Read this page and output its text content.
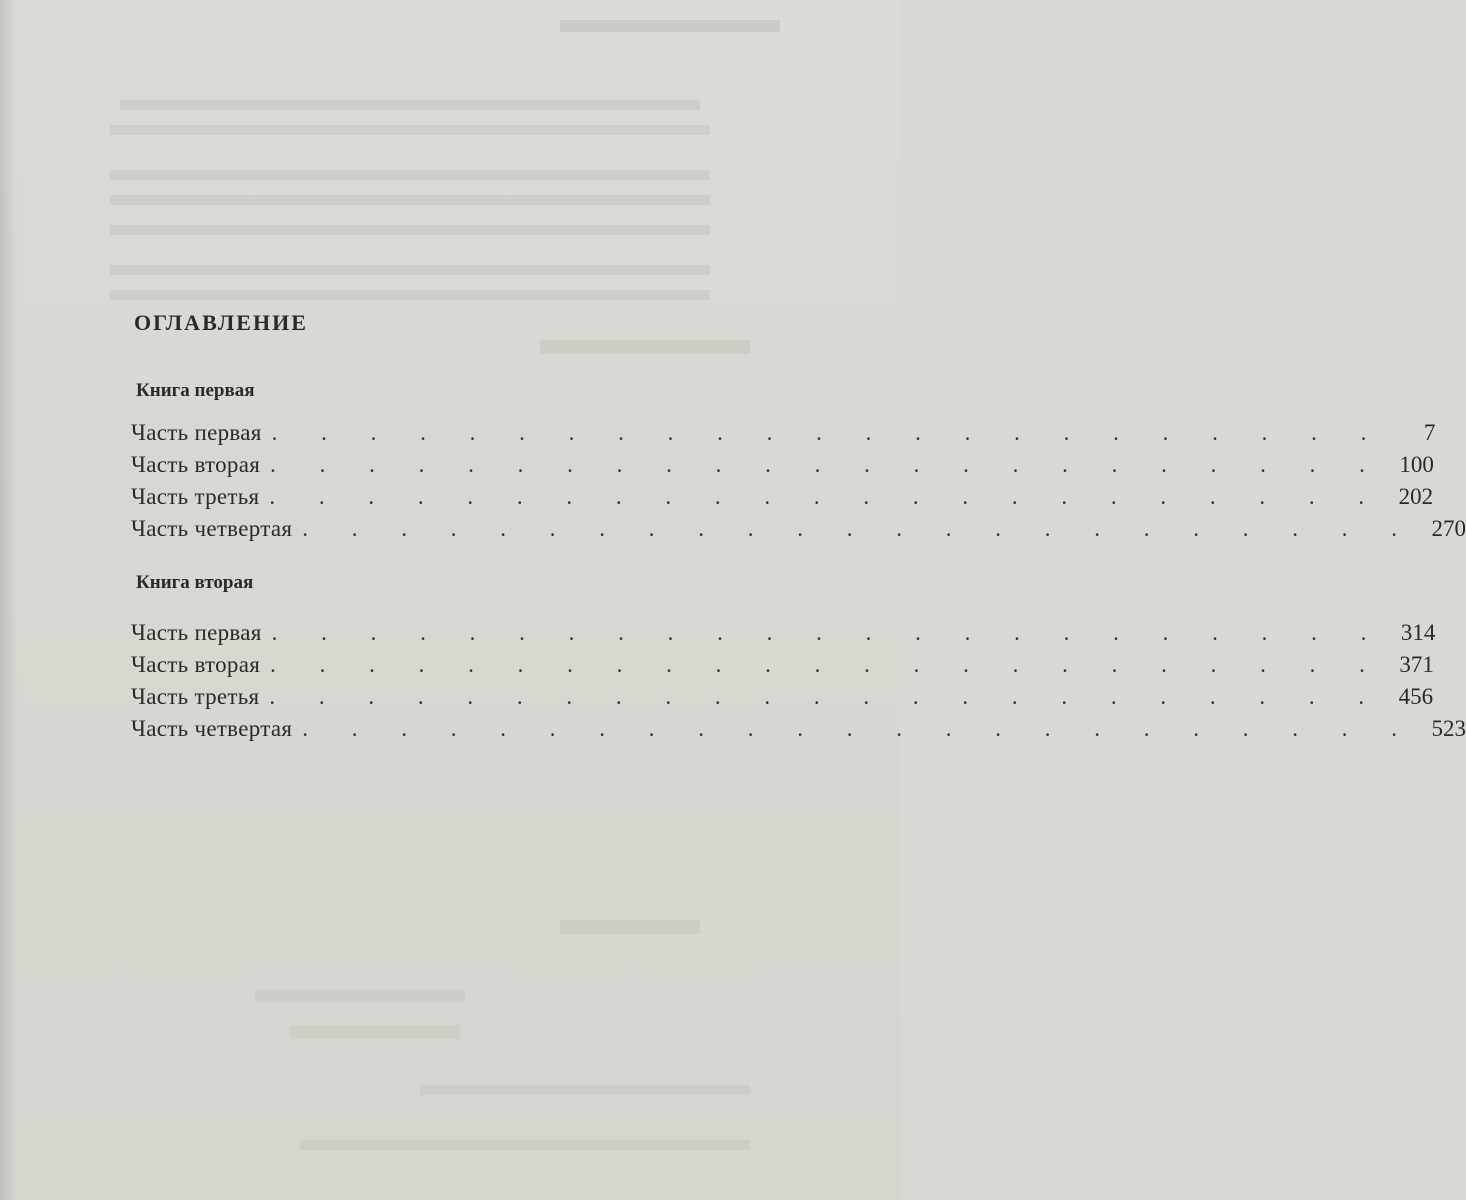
ОГЛАВЛЕНИЕ
Книга первая
Часть первая . . . . . . . . . . . . . . . . . . . . . . .	7
Часть вторая . . . . . . . . . . . . . . . . . . . . . . . 100
Часть третья . . . . . . . . . . . . . . . . . . . . . . . 202
Часть четвертая . . . . . . . . . . . . . . . . . . . . . . . 270
Книга вторая
Часть первая . . . . . . . . . . . . . . . . . . . . . . . 314
Часть вторая . . . . . . . . . . . . . . . . . . . . . . . 371
Часть третья . . . . . . . . . . . . . . . . . . . . . . . 456
Часть четвертая . . . . . . . . . . . . . . . . . . . . . . . 523
